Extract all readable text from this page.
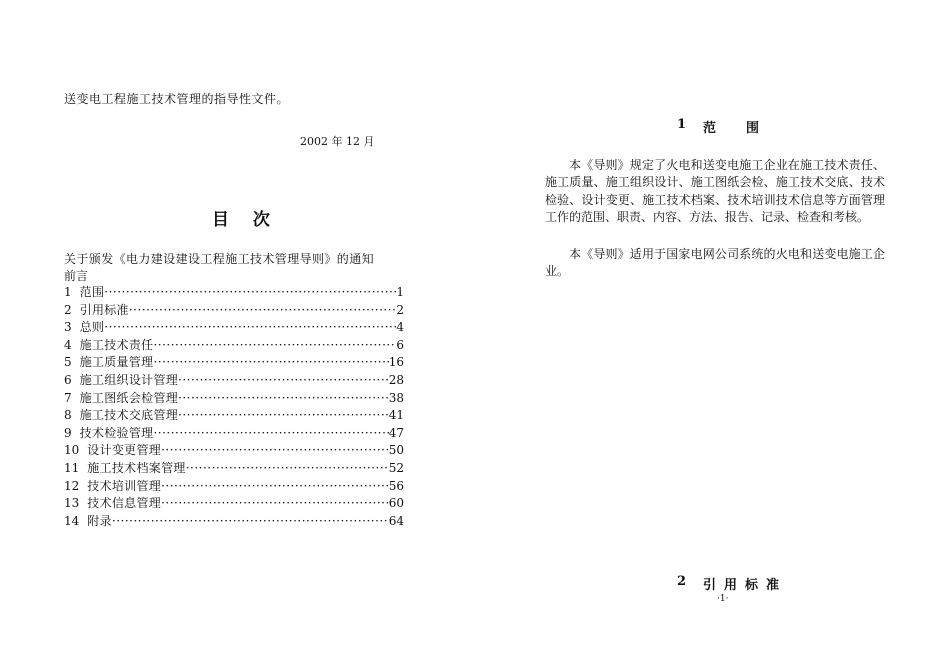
送变电工程施工技术管理的指导性文件。
2002 年 12 月
目 次
关于颁发《电力建设建设工程施工技术管理导则》的通知
前言
1 范围 ·····	1
2 引用标准 ·····	2
3 总则 ·····	4
4 施工技术责任 ·····	6
5 施工质量管理 ·····	16
6 施工组织设计管理 ·····	28
7 施工图纸会检管理 ·····	38
8 施工技术交底管理 ·····	41
9 技术检验管理 ·····	47
10 设计变更管理 ·····	50
11 施工技术档案管理 ·····	52
12 技术培训管理 ·····	56
13 技术信息管理 ·····	60
14 附录 ·····	64
1 范围

本《导则》规定了火电和送变电施工企业在施工技术责任、施工质量、施工组织设计、施工图纸会检、施工技术交底、技术检验、设计变更、施工技术档案、技术培训技术信息等方面管理工作的范围、职责、内容、方法、报告、记录、检查和考核。

本《导则》适用于国家电网公司系统的火电和送变电施工企业。

2 引用标准
·1·
